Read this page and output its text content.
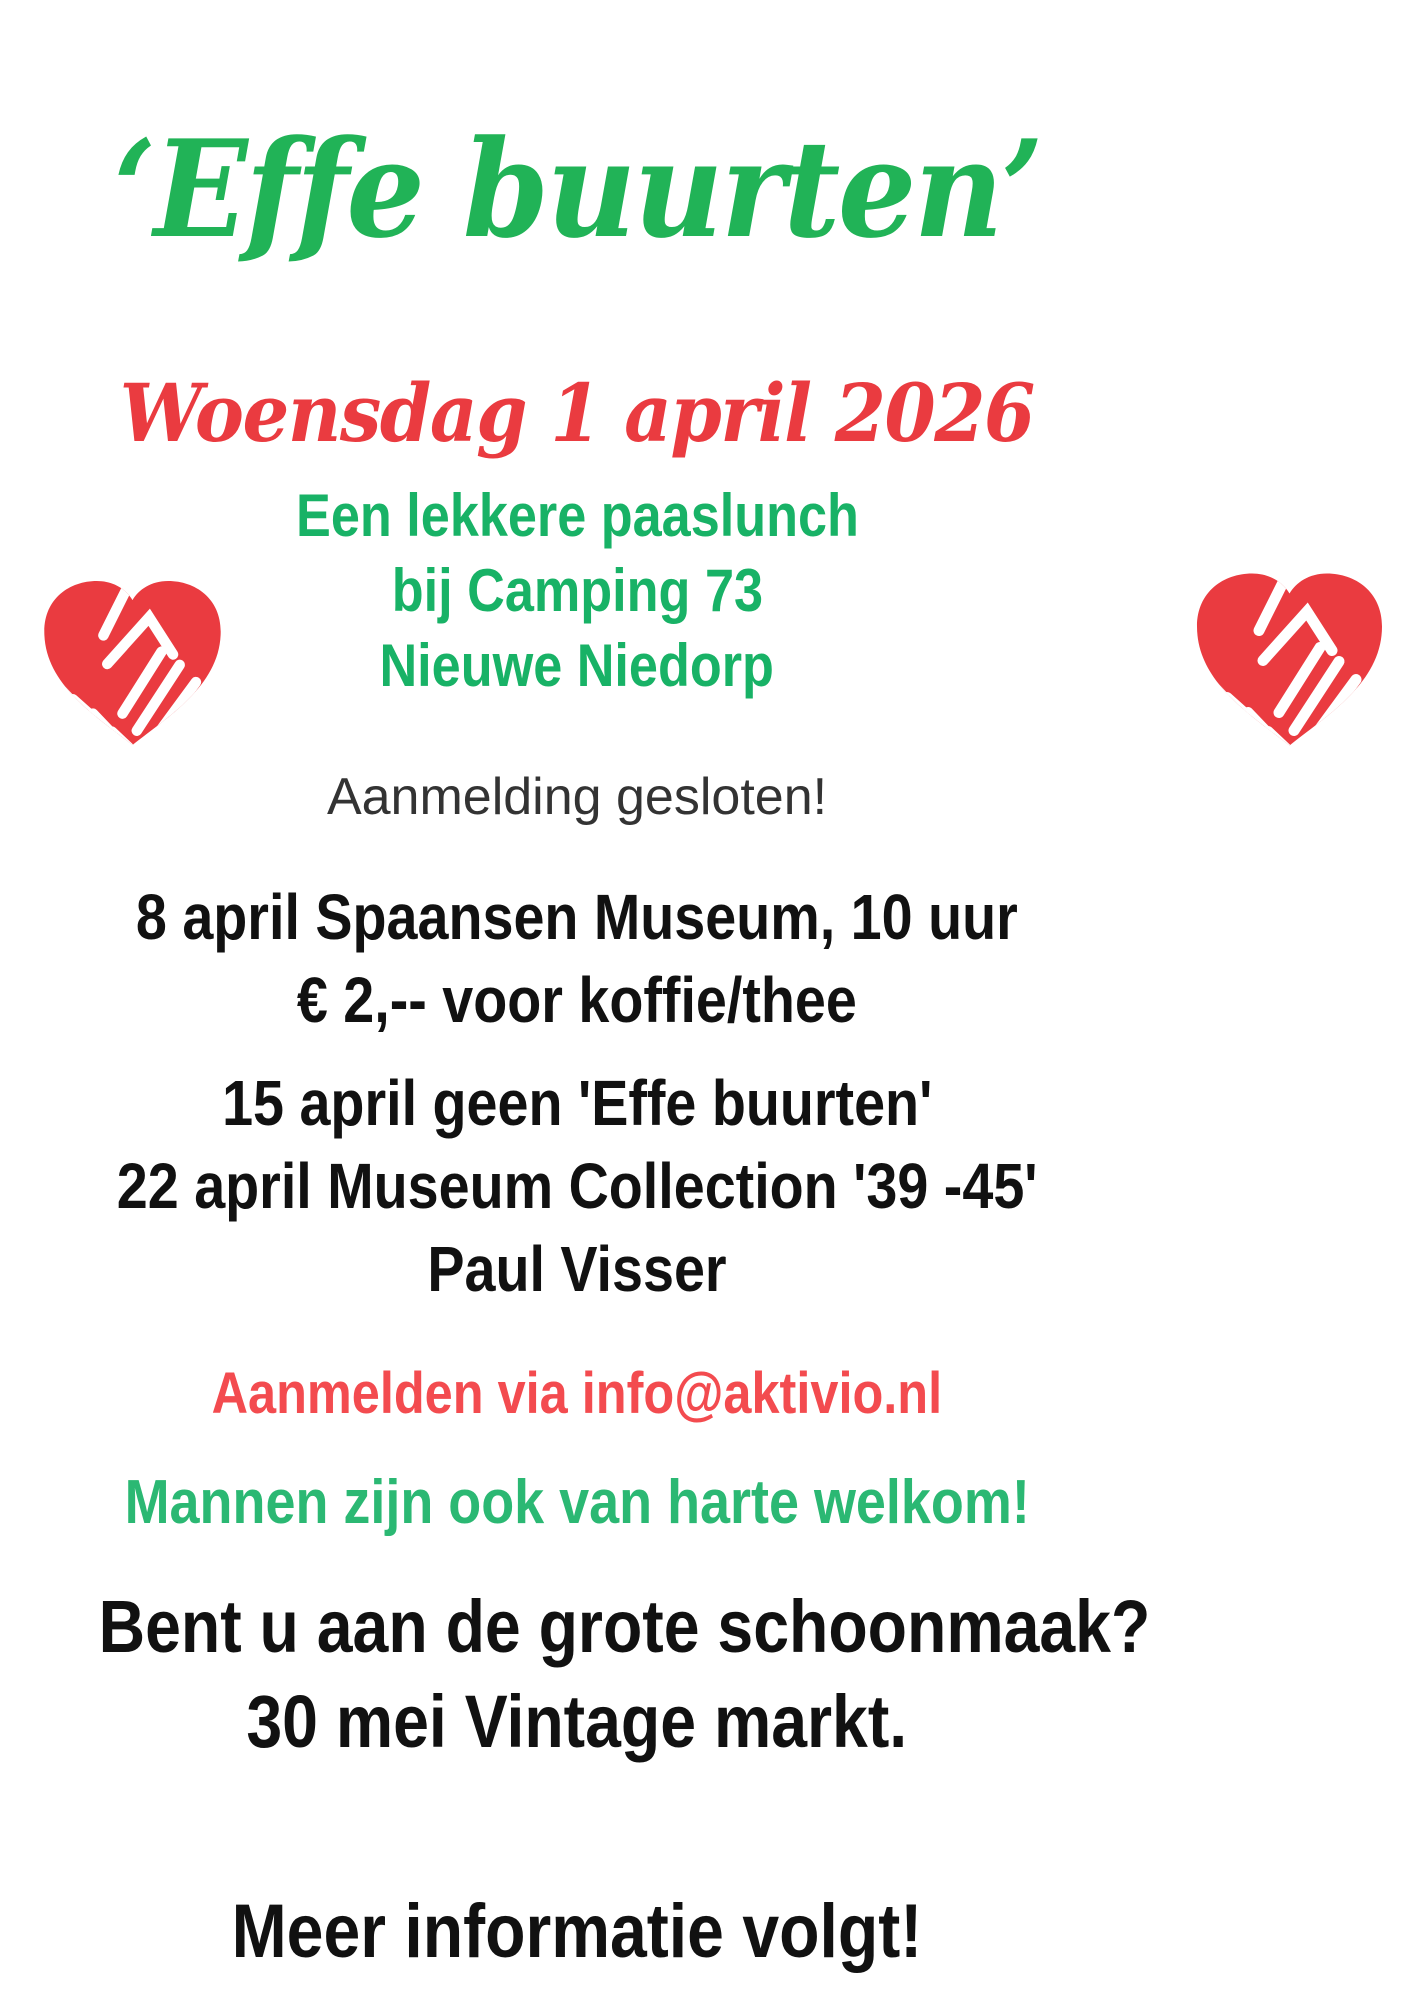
‘Effe buurten’
Woensdag 1 april 2026
Een lekkere paaslunch
bij Camping 73
Nieuwe Niedorp
Aanmelding gesloten!
8 april Spaansen Museum, 10 uur
€ 2,-- voor koffie/thee
15 april geen 'Effe buurten'
22 april Museum Collection '39 -45'
Paul Visser
Aanmelden via info@aktivio.nl
Mannen zijn ook van harte welkom!
Bent u aan de grote schoonmaak?
30 mei Vintage markt.
Meer informatie volgt!
